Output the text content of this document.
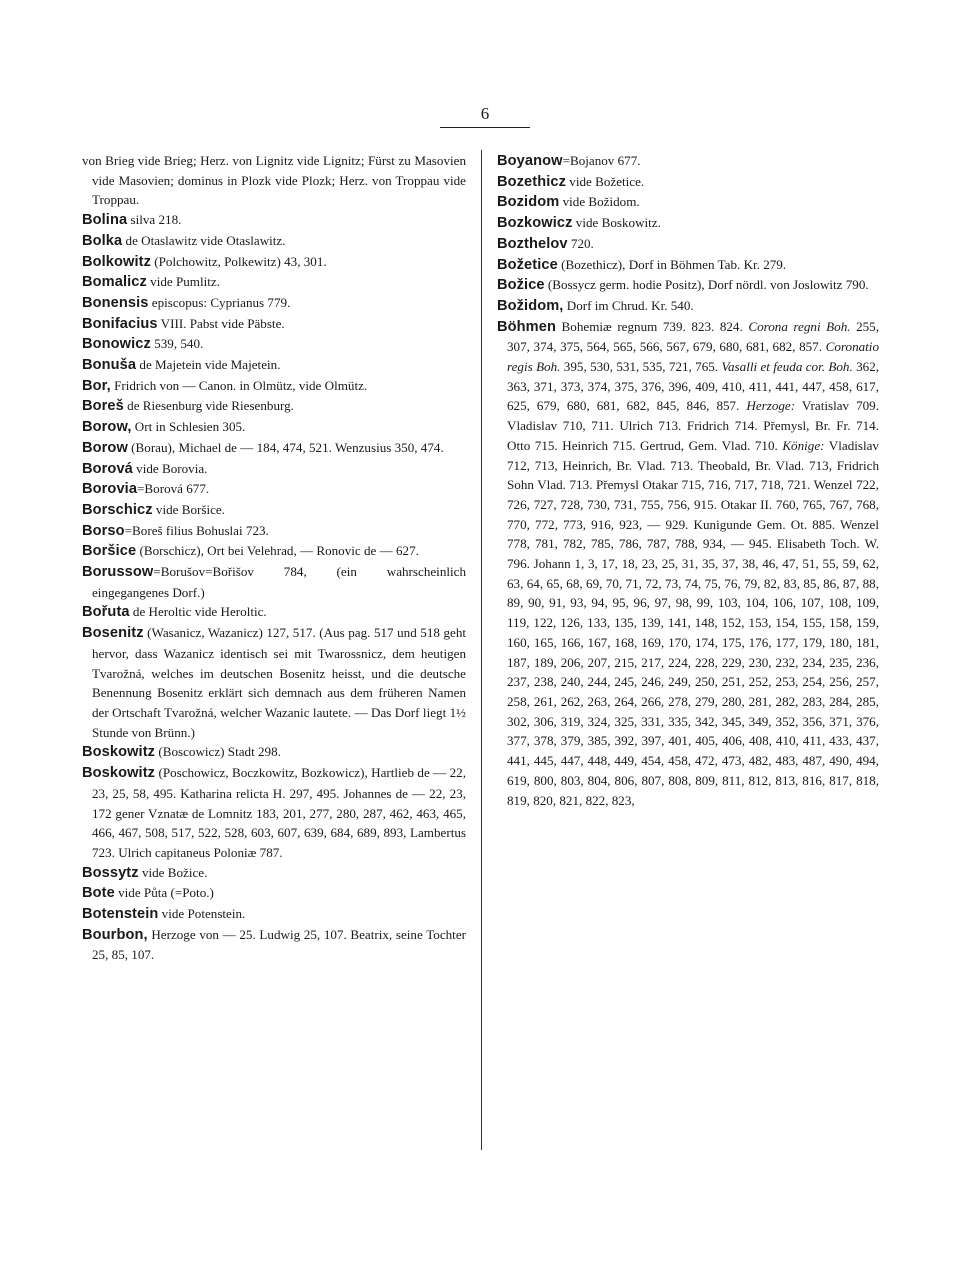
6

von Brieg vide Brieg; Herz. von Lignitz vide Lignitz; Fürst zu Masovien vide Masovien; dominus in Plozk vide Plozk; Herz. von Troppau vide Troppau.

Bolina silva 218.

Bolka de Otaslawitz vide Otaslawitz.

Bolkowitz (Polchowitz, Polkewitz) 43, 301.

Bomalicz vide Pumlitz.

Bonensis episcopus: Cyprianus 779.

Bonifacius VIII. Pabst vide Päbste.

Bonowicz 539, 540.

Bonuša de Majetein vide Majetein.

Bor, Fridrich von — Canon. in Olmütz, vide Olmütz.

Boreš de Riesenburg vide Riesenburg.

Borow, Ort in Schlesien 305.

Borow (Borau), Michael de — 184, 474, 521. Wenzusius 350, 474.

Borová vide Borovia.

Borovia=Borová 677.

Borschicz vide Boršice.

Borso=Boreš filius Bohuslai 723.

Boršice (Borschicz), Ort bei Velehrad, — Ronovic de — 627.

Borussow=Borušov=Bořišov 784, (ein wahrscheinlich eingegangenes Dorf.)

Bořuta de Heroltic vide Heroltic.

Bosenitz (Wasanicz, Wazanicz) 127, 517. (Aus pag. 517 und 518 geht hervor, dass Wazanicz identisch sei mit Twarossnicz, dem heutigen Tvarožná, welches im deutschen Bosenitz heisst, und die deutsche Benennung Bosenitz erklärt sich demnach aus dem früheren Namen der Ortschaft Tvarožná, welcher Wazanic lautete. — Das Dorf liegt 1½ Stunde von Brünn.)

Boskowitz (Boscowicz) Stadt 298.

Boskowitz (Poschowicz, Boczkowitz, Bozkowicz), Hartlieb de — 22, 23, 25, 58, 495. Katharina relicta H. 297, 495. Johannes de — 22, 23, 172 gener Vznatæ de Lomnitz 183, 201, 277, 280, 287, 462, 463, 465, 466, 467, 508, 517, 522, 528, 603, 607, 639, 684, 689, 893, Lambertus 723. Ulrich capitaneus Poloniæ 787.

Bossytz vide Božice.

Bote vide Půta (=Poto.)

Botenstein vide Potenstein.

Bourbon, Herzoge von — 25. Ludwig 25, 107. Beatrix, seine Tochter 25, 85, 107.

Boyanow=Bojanov 677.

Bozethicz vide Božetice.

Bozidom vide Božidom.

Bozkowicz vide Boskowitz.

Bozthelov 720.

Božetice (Bozethicz), Dorf in Böhmen Tab. Kr. 279.

Božice (Bossycz germ. hodie Positz), Dorf nördl. von Joslowitz 790.

Božidom, Dorf im Chrud. Kr. 540.

Böhmen Bohemiæ regnum 739. 823. 824. Corona regni Boh. 255, 307, 374, 375, 564, 565, 566, 567, 679, 680, 681, 682, 857. Coronatio regis Boh. 395, 530, 531, 535, 721, 765. Vasalli et feuda cor. Boh. 362, 363, 371, 373, 374, 375, 376, 396, 409, 410, 411, 441, 447, 458, 617, 625, 679, 680, 681, 682, 845, 846, 857. Herzoge: Vratislav 709. Vladislav 710, 711. Ulrich 713. Fridrich 714. Přemysl, Br. Fr. 714. Otto 715. Heinrich 715. Gertrud, Gem. Vlad. 710. Könige: Vladislav 712, 713, Heinrich, Br. Vlad. 713. Theobald, Br. Vlad. 713, Fridrich Sohn Vlad. 713. Přemysl Otakar 715, 716, 717, 718, 721. Wenzel 722, 726, 727, 728, 730, 731, 755, 756, 915. Otakar II. 760, 765, 767, 768, 770, 772, 773, 916, 923, — 929. Kunigunde Gem. Ot. 885. Wenzel 778, 781, 782, 785, 786, 787, 788, 934, — 945. Elisabeth Toch. W. 796. Johann 1, 3, 17, 18, 23, 25, 31, 35, 37, 38, 46, 47, 51, 55, 59, 62, 63, 64, 65, 68, 69, 70, 71, 72, 73, 74, 75, 76, 79, 82, 83, 85, 86, 87, 88, 89, 90, 91, 93, 94, 95, 96, 97, 98, 99, 103, 104, 106, 107, 108, 109, 119, 122, 126, 133, 135, 139, 141, 148, 152, 153, 154, 155, 158, 159, 160, 165, 166, 167, 168, 169, 170, 174, 175, 176, 177, 179, 180, 181, 187, 189, 206, 207, 215, 217, 224, 228, 229, 230, 232, 234, 235, 236, 237, 238, 240, 244, 245, 246, 249, 250, 251, 252, 253, 254, 256, 257, 258, 261, 262, 263, 264, 266, 278, 279, 280, 281, 282, 283, 284, 285, 302, 306, 319, 324, 325, 331, 335, 342, 345, 349, 352, 356, 371, 376, 377, 378, 379, 385, 392, 397, 401, 405, 406, 408, 410, 411, 433, 437, 441, 445, 447, 448, 449, 454, 458, 472, 473, 482, 483, 487, 490, 494, 619, 800, 803, 804, 806, 807, 808, 809, 811, 812, 813, 816, 817, 818, 819, 820, 821, 822, 823,
